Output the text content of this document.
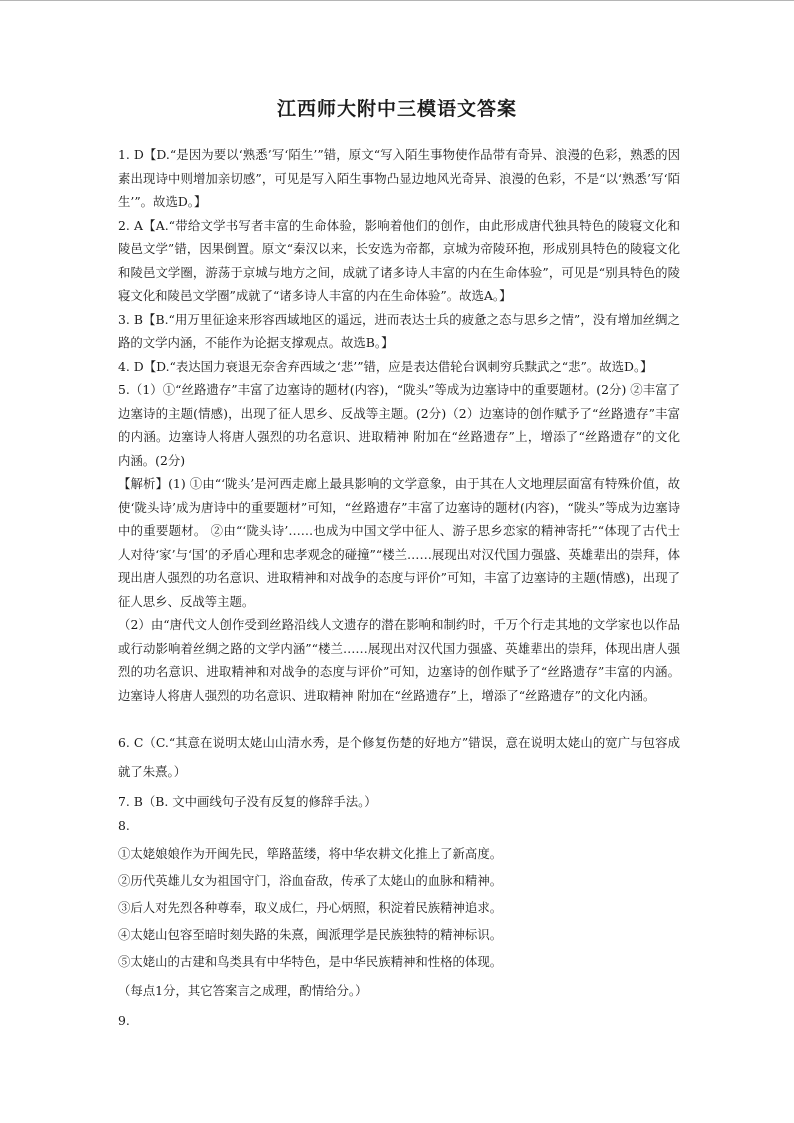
江西师大附中三模语文答案

1. D【D.“是因为要以‘熟悉’写‘陌生’”错，原文“写入陌生事物使作品带有奇异、浪漫的色彩，熟悉的因素出现诗中则增加亲切感”，可见是写入陌生事物凸显边地风光奇异、浪漫的色彩，不是“以‘熟悉’写‘陌生’”。故选D。】

2. A【A.“带给文学书写者丰富的生命体验，影响着他们的创作，由此形成唐代独具特色的陵寝文化和陵邑文学”错，因果倒置。原文“秦汉以来，长安选为帝都，京城为帝陵环抱，形成别具特色的陵寝文化和陵邑文学圈，游荡于京城与地方之间，成就了诸多诗人丰富的内在生命体验”，可见是“别具特色的陵寝文化和陵邑文学圈”成就了“诸多诗人丰富的内在生命体验”。故选A。】

3. B【B.“用万里征途来形容西域地区的遥远，进而表达士兵的疲惫之态与思乡之情”，没有增加丝绸之路的文学内涵，不能作为论据支撑观点。故选B。】

4. D【D.“表达国力衰退无奈舍弃西域之‘悲’”错，应是表达借轮台讽刺穷兵黩武之“悲”。故选D。】

5.（1）①“丝路遗存”丰富了边塞诗的题材(内容)，“陇头”等成为边塞诗中的重要题材。(2分) ②丰富了边塞诗的主题(情感)，出现了征人思乡、反战等主题。(2分)（2）边塞诗的创作赋予了“丝路遗存”丰富的内涵。边塞诗人将唐人强烈的功名意识、进取精神 附加在“丝路遗存”上，增添了“丝路遗存”的文化内涵。(2分)

【解析】(1) ①由“‘陇头’是河西走廊上最具影响的文学意象，由于其在人文地理层面富有特殊价值，故使‘陇头诗’成为唐诗中的重要题材”可知，“丝路遗存”丰富了边塞诗的题材(内容)，“陇头”等成为边塞诗中的重要题材。 ②由“‘陇头诗’……也成为中国文学中征人、游子思乡恋家的精神寄托”“体现了古代士人对待‘家’与‘国’的矛盾心理和忠孝观念的碰撞”“楼兰……展现出对汉代国力强盛、英雄辈出的崇拜，体现出唐人强烈的功名意识、进取精神和对战争的态度与评价”可知，丰富了边塞诗的主题(情感)，出现了征人思乡、反战等主题。

（2）由“唐代文人创作受到丝路沿线人文遗存的潜在影响和制约时，千万个行走其地的文学家也以作品或行动影响着丝绸之路的文学内涵”“楼兰……展现出对汉代国力强盛、英雄辈出的崇拜，体现出唐人强烈的功名意识、进取精神和对战争的态度与评价”可知，边塞诗的创作赋予了“丝路遗存”丰富的内涵。边塞诗人将唐人强烈的功名意识、进取精神 附加在“丝路遗存”上，增添了“丝路遗存”的文化内涵。

6. C（C.“其意在说明太姥山山清水秀，是个修复伤楚的好地方”错误，意在说明太姥山的宽广与包容成就了朱熹。）

7. B（B. 文中画线句子没有反复的修辞手法。）
8.
①太姥娘娘作为开闽先民，筚路蓝缕，将中华农耕文化推上了新高度。
②历代英雄儿女为祖国守门，浴血奋敌，传承了太姥山的血脉和精神。
③后人对先烈各种尊奉，取义成仁，丹心炳照，积淀着民族精神追求。
④太姥山包容至暗时刻失路的朱熹，闽派理学是民族独特的精神标识。
⑤太姥山的古建和鸟类具有中华特色，是中华民族精神和性格的体现。
（每点1分，其它答案言之成理，酌情给分。）
9.
